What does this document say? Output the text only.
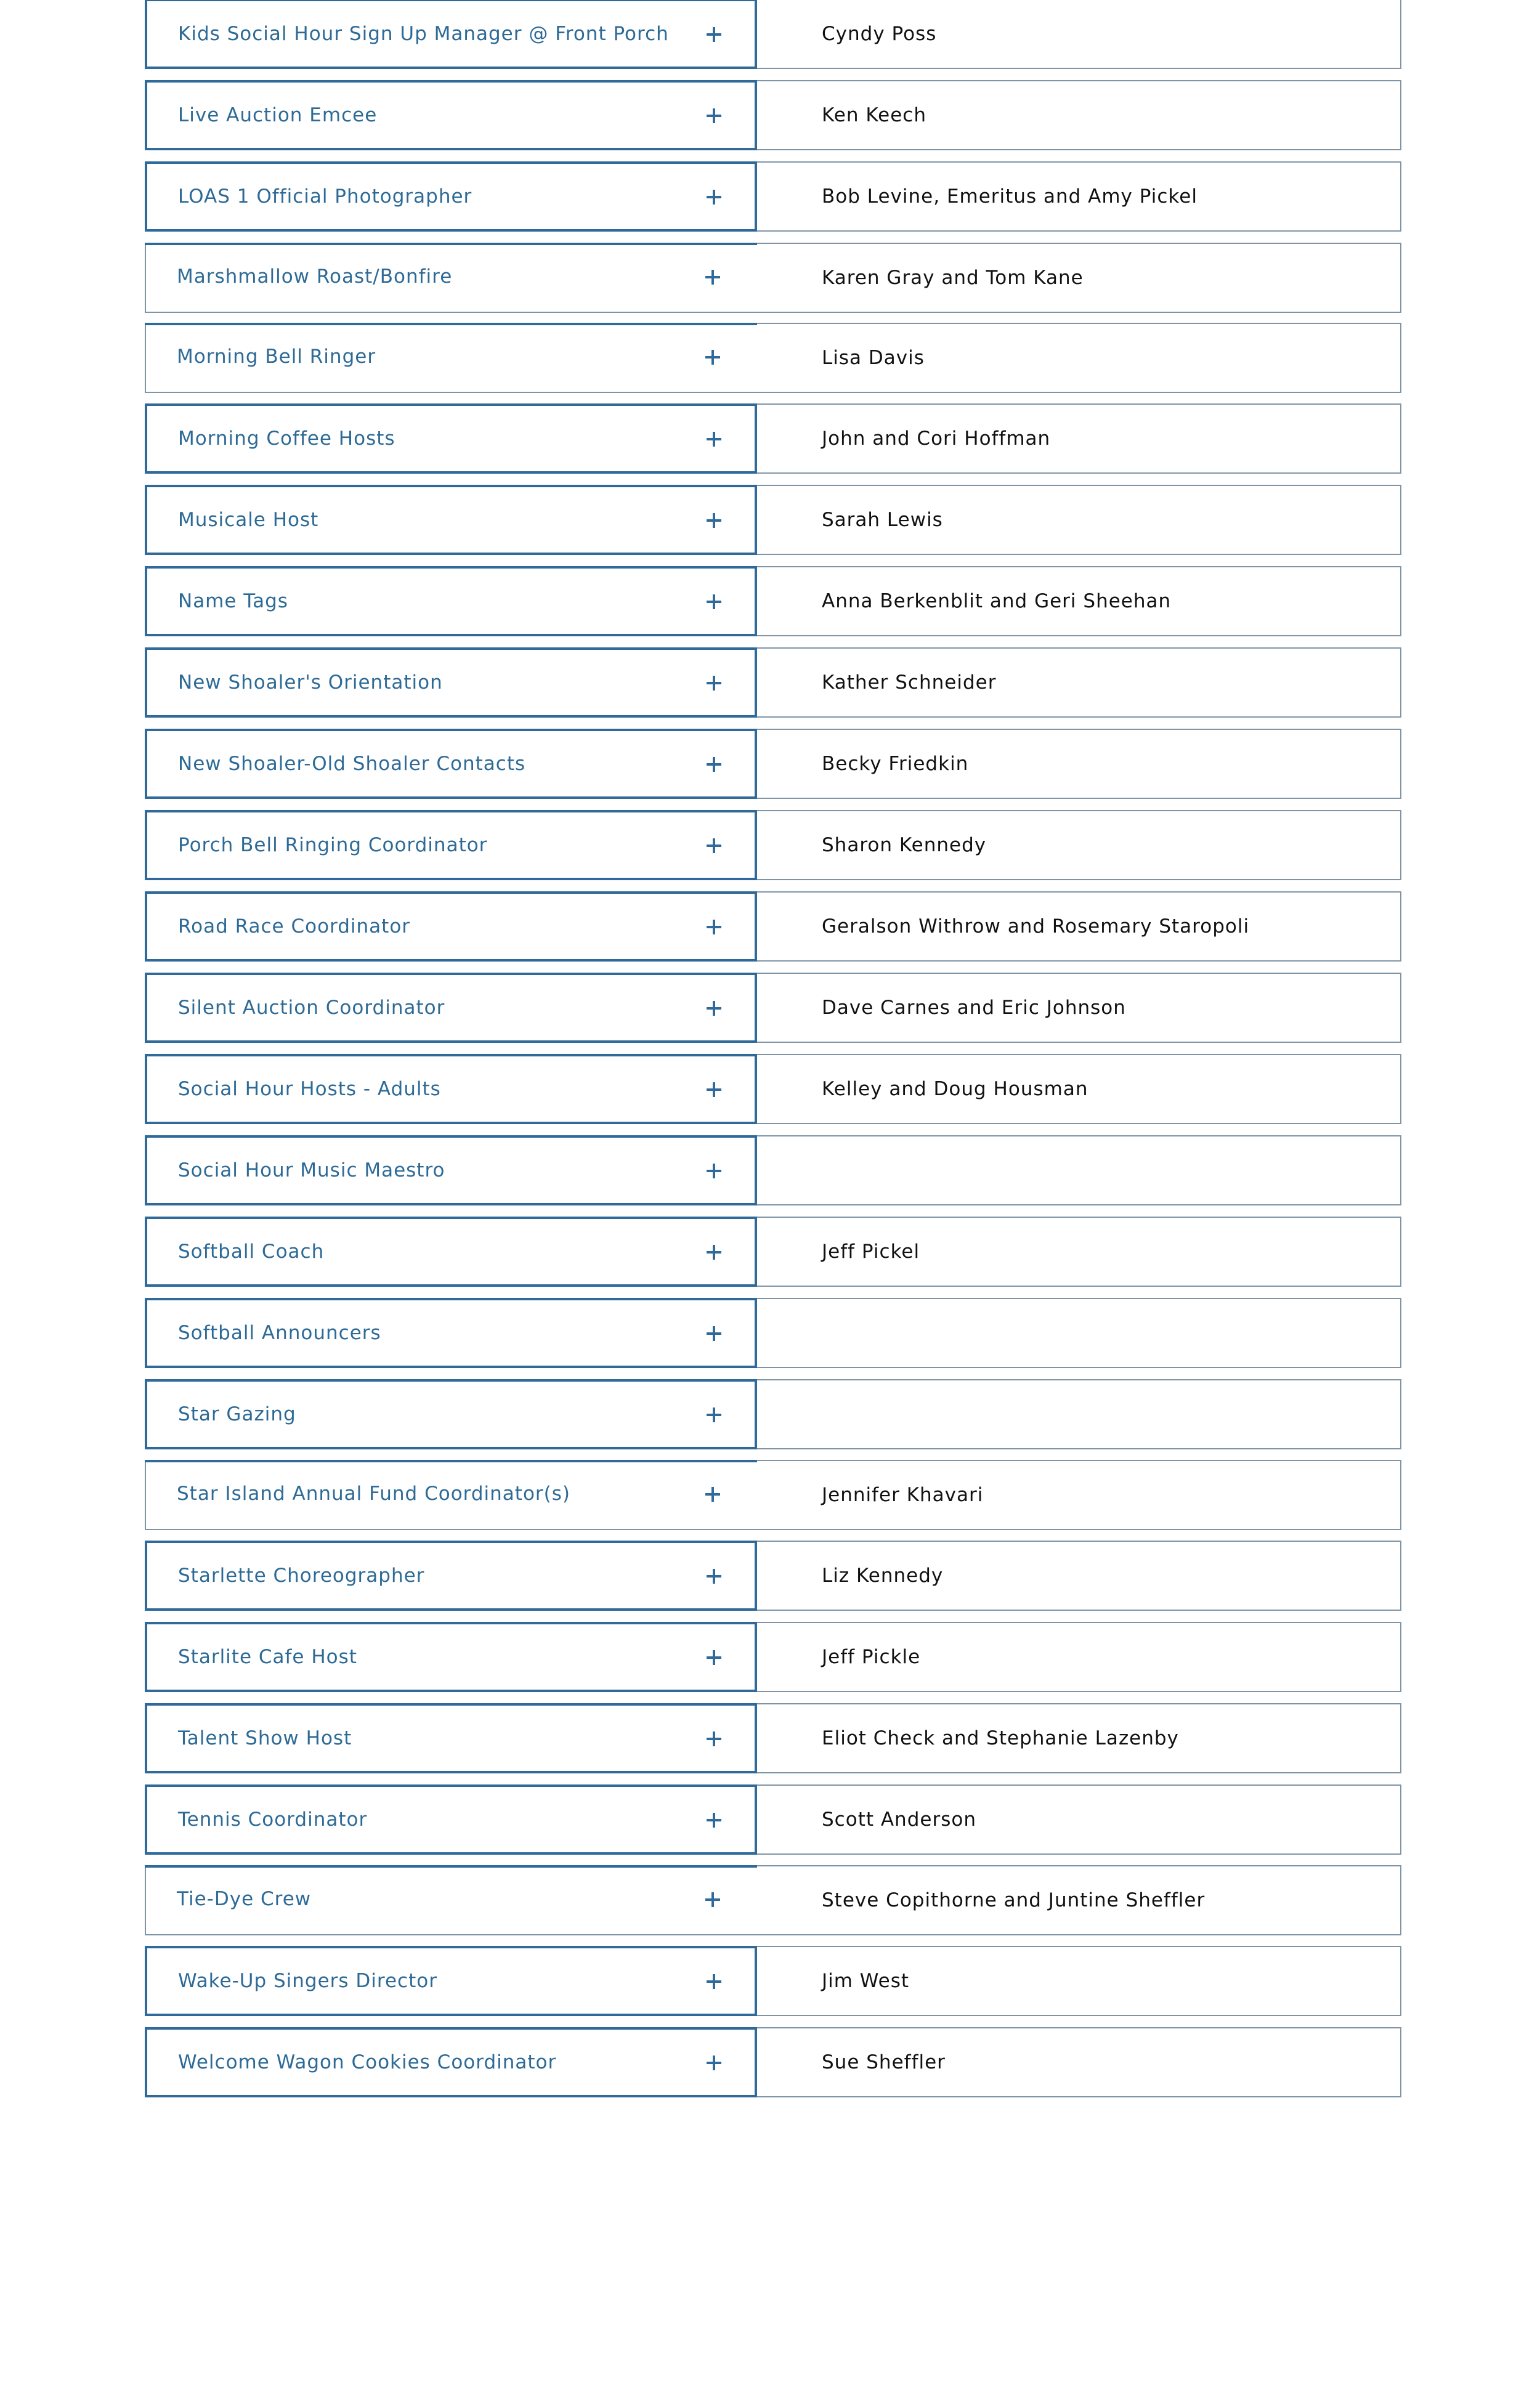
Cyndy Poss
Kids Social Hour Sign Up Manager @ Front Porch
Ken Keech
Live Auction Emcee
Bob Levine, Emeritus and Amy Pickel
LOAS 1 Official Photographer
Karen Gray and Tom Kane
Marshmallow Roast/Bonfire
Lisa Davis
Morning Bell Ringer
John and Cori Hoffman
Morning Coffee Hosts
Sarah Lewis
Musicale Host
Anna Berkenblit and Geri Sheehan
Name Tags
Kather Schneider
New Shoaler's Orientation
Becky Friedkin
New Shoaler-Old Shoaler Contacts
Sharon Kennedy
Porch Bell Ringing Coordinator
Geralson Withrow and Rosemary Staropoli
Road Race Coordinator
Dave Carnes and Eric Johnson
Silent Auction Coordinator
Kelley and Doug Housman
Social Hour Hosts - Adults
Social Hour Music Maestro
Jeff Pickel
Softball Coach
Softball Announcers
Star Gazing
Jennifer Khavari
Star Island Annual Fund Coordinator(s)
Liz Kennedy
Starlette Choreographer
Jeff Pickle
Starlite Cafe Host
Eliot Check and Stephanie Lazenby
Talent Show Host
Scott Anderson
Tennis Coordinator
Steve Copithorne and Juntine Sheffler
Tie-Dye Crew
Jim West
Wake-Up Singers Director
Sue Sheffler
Welcome Wagon Cookies Coordinator
